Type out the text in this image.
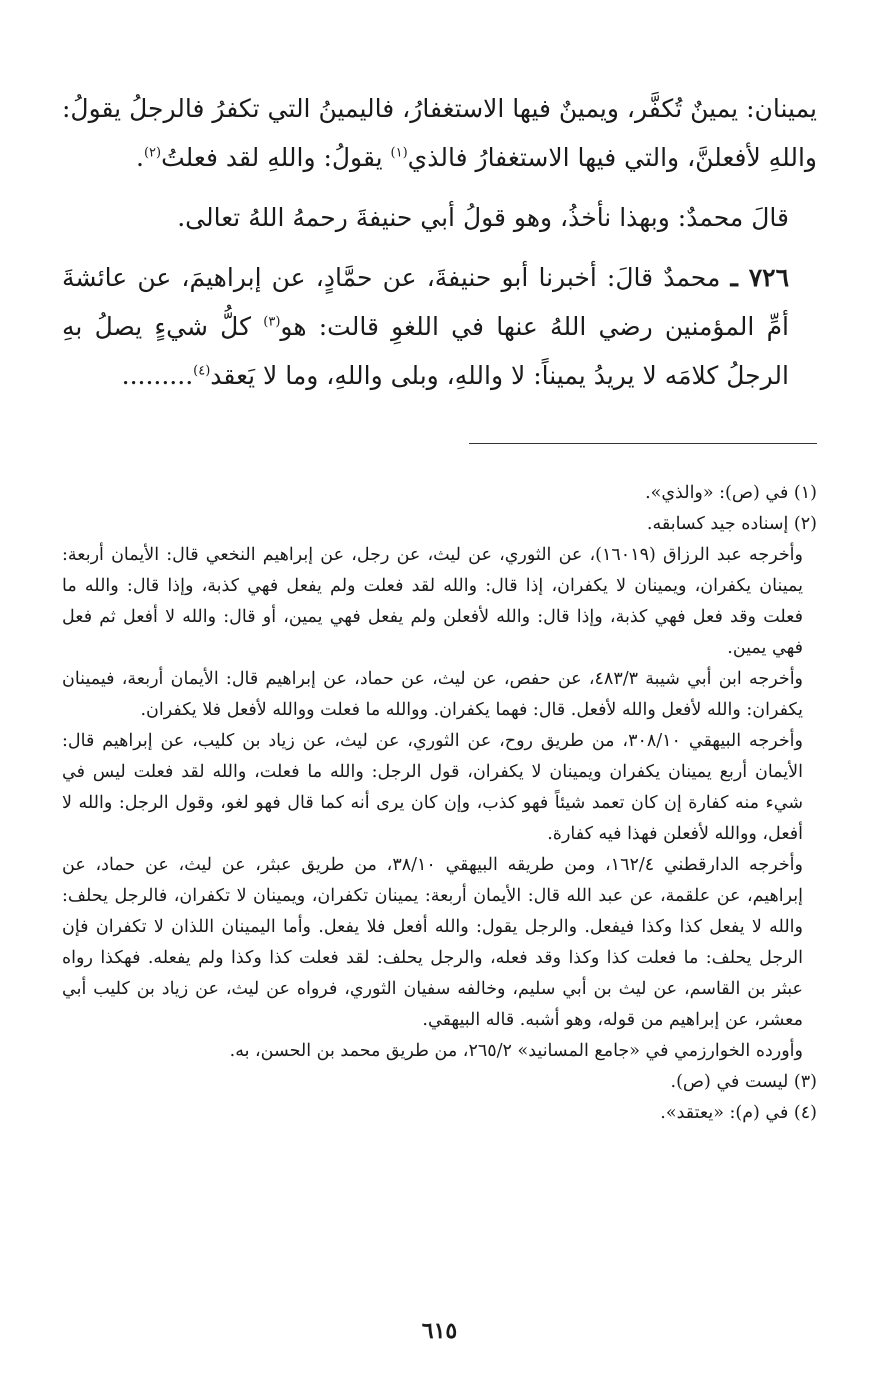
يمينان: يمينٌ تُكفَّر، ويمينٌ فيها الاستغفارُ، فاليمينُ التي تكفرُ فالرجلُ يقولُ: واللهِ لأفعلنَّ، والتي فيها الاستغفارُ فالذي$^{(١)}$ يقولُ: واللهِ لقد فعلتُ$^{(٢)}$.

قالَ محمدٌ: وبهذا نأخذُ، وهو قولُ أبي حنيفةَ رحمهُ اللهُ تعالى.

٧٢٦ ـ محمدٌ قالَ: أخبرنا أبو حنيفةَ، عن حمَّادٍ، عن إبراهيمَ، عن عائشةَ أمِّ المؤمنين رضي اللهُ عنها في اللغوِ قالت: هو$^{(٣)}$ كلُّ شيءٍ يصلُ بهِ الرجلُ كلامَه لا يريدُ يميناً: لا واللهِ، وبلى واللهِ، وما لا يَعقد$^{(٤)}$.........

(١) في (ص): «والذي».

(٢) إسناده جيد كسابقه.

وأخرجه عبد الرزاق (١٦٠١٩)، عن الثوري، عن ليث، عن رجل، عن إبراهيم النخعي قال: الأيمان أربعة: يمينان يكفران، ويمينان لا يكفران، إذا قال: والله لقد فعلت ولم يفعل فهي كذبة، وإذا قال: والله ما فعلت وقد فعل فهي كذبة، وإذا قال: والله لأفعلن ولم يفعل فهي يمين، أو قال: والله لا أفعل ثم فعل فهي يمين.

وأخرجه ابن أبي شيبة ٤٨٣/٣، عن حفص، عن ليث، عن حماد، عن إبراهيم قال: الأيمان أربعة، فيمينان يكفران: والله لأفعل والله لأفعل. قال: فهما يكفران. ووالله ما فعلت ووالله لأفعل فلا يكفران.

وأخرجه البيهقي ٣٠٨/١٠، من طريق روح، عن الثوري، عن ليث، عن زياد بن كليب، عن إبراهيم قال: الأيمان أربع يمينان يكفران ويمينان لا يكفران، قول الرجل: والله ما فعلت، والله لقد فعلت ليس في شيء منه كفارة إن كان تعمد شيئاً فهو كذب، وإن كان يرى أنه كما قال فهو لغو، وقول الرجل: والله لا أفعل، ووالله لأفعلن فهذا فيه كفارة.

وأخرجه الدارقطني ١٦٢/٤، ومن طريقه البيهقي ٣٨/١٠، من طريق عبثر، عن ليث، عن حماد، عن إبراهيم، عن علقمة، عن عبد الله قال: الأيمان أربعة: يمينان تكفران، ويمينان لا تكفران، فالرجل يحلف: والله لا يفعل كذا وكذا فيفعل. والرجل يقول: والله أفعل فلا يفعل. وأما اليمينان اللذان لا تكفران فإن الرجل يحلف: ما فعلت كذا وكذا وقد فعله، والرجل يحلف: لقد فعلت كذا وكذا ولم يفعله. فهكذا رواه عبثر بن القاسم، عن ليث بن أبي سليم، وخالفه سفيان الثوري، فرواه عن ليث، عن زياد بن كليب أبي معشر، عن إبراهيم من قوله، وهو أشبه. قاله البيهقي.

وأورده الخوارزمي في «جامع المسانيد» ٢٦٥/٢، من طريق محمد بن الحسن، به.

(٣) ليست في (ص).

(٤) في (م): «يعتقد».

٦١٥
